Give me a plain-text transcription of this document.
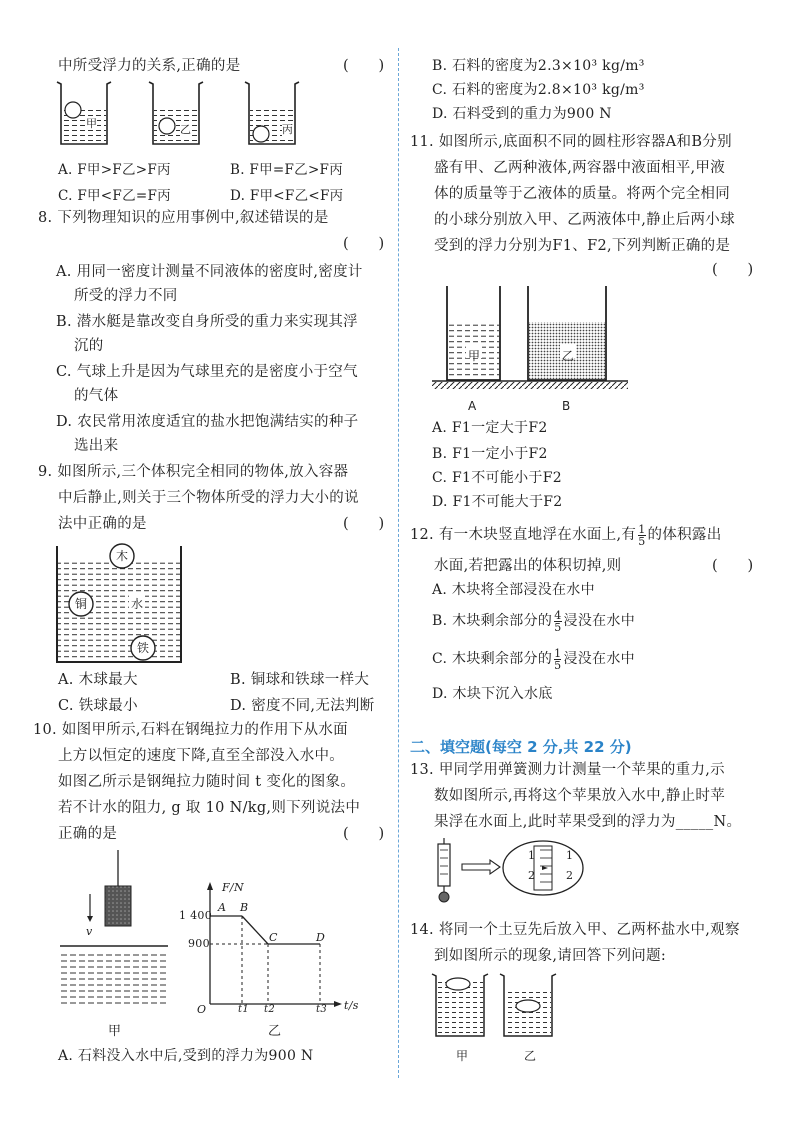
中所受浮力的关系,正确的是	(　　)
甲	乙	丙
A. F甲>F乙>F丙	B. F甲=F乙>F丙
C. F甲<F乙=F丙	D. F甲<F乙<F丙
8. 下列物理知识的应用事例中,叙述错误的是
(　　)
A. 用同一密度计测量不同液体的密度时,密度计
所受的浮力不同
B. 潜水艇是靠改变自身所受的重力来实现其浮
沉的
C. 气球上升是因为气球里充的是密度小于空气
的气体
D. 农民常用浓度适宜的盐水把饱满结实的种子
选出来
9. 如图所示,三个体积完全相同的物体,放入容器
中后静止,则关于三个物体所受的浮力大小的说
法中正确的是	(　　)
木
铜	水
铁
A. 木球最大	B. 铜球和铁球一样大
C. 铁球最小	D. 密度不同,无法判断
10. 如图甲所示,石料在钢绳拉力的作用下从水面
上方以恒定的速度下降,直至全部没入水中。
如图乙所示是钢绳拉力随时间 t 变化的图象。
若不计水的阻力, g 取 10 N/kg,则下列说法中
正确的是	(　　)
v
甲
F/N
t/s
O
1 400
900
t1 t2	t3
A B
C	D
乙
A. 石料没入水中后,受到的浮力为900 N
B. 石料的密度为2.3×10³ kg/m³
C. 石料的密度为2.8×10³ kg/m³
D. 石料受到的重力为900 N
11. 如图所示,底面积不同的圆柱形容器A和B分别
盛有甲、乙两种液体,两容器中液面相平,甲液
体的质量等于乙液体的质量。将两个完全相同
的小球分别放入甲、乙两液体中,静止后两小球
受到的浮力分别为F1、F2,下列判断正确的是
(　　)
甲	乙
A	B
A. F1一定大于F2
B. F1一定小于F2
C. F1不可能小于F2
D. F1不可能大于F2
12. 有一木块竖直地浮在水面上,有 $\frac{1}{5}$ 的体积露出
水面,若把露出的体积切掉,则	(　　)
A. 木块将全部浸没在水中
B. 木块剩余部分的 $\frac{4}{5}$ 浸没在水中
C. 木块剩余部分的 $\frac{1}{5}$ 浸没在水中
D. 木块下沉入水底
二、填空题(每空 2 分,共 22 分)
13. 甲同学用弹簧测力计测量一个苹果的重力,示
数如图所示,再将这个苹果放入水中,静止时苹
果浮在水面上,此时苹果受到的浮力为_____N。
1
2
1
2
14. 将同一个土豆先后放入甲、乙两杯盐水中,观察
到如图所示的现象,请回答下列问题:
甲	乙
